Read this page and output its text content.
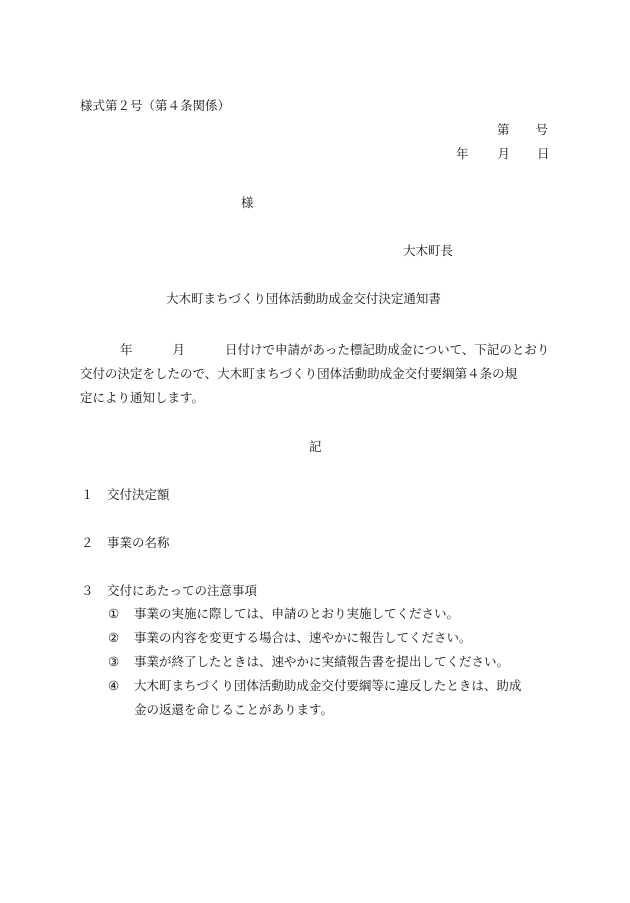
様式第２号（第４条関係）
第 号
年 月 日
様
大木町長
大木町まちづくり団体活動助成金交付決定通知書
年	月	日付けで申請があった標記助成金について、下記のとおり
交付の決定をしたので、大木町まちづくり団体活動助成金交付要綱第４条の規
定により通知します。
記
１ 交付決定額
２ 事業の名称
３ 交付にあたっての注意事項
① 事業の実施に際しては、申請のとおり実施してください。
② 事業の内容を変更する場合は、速やかに報告してください。
③ 事業が終了したときは、速やかに実績報告書を提出してください。
④ 大木町まちづくり団体活動助成金交付要綱等に違反したときは、助成
金の返還を命じることがあります。
